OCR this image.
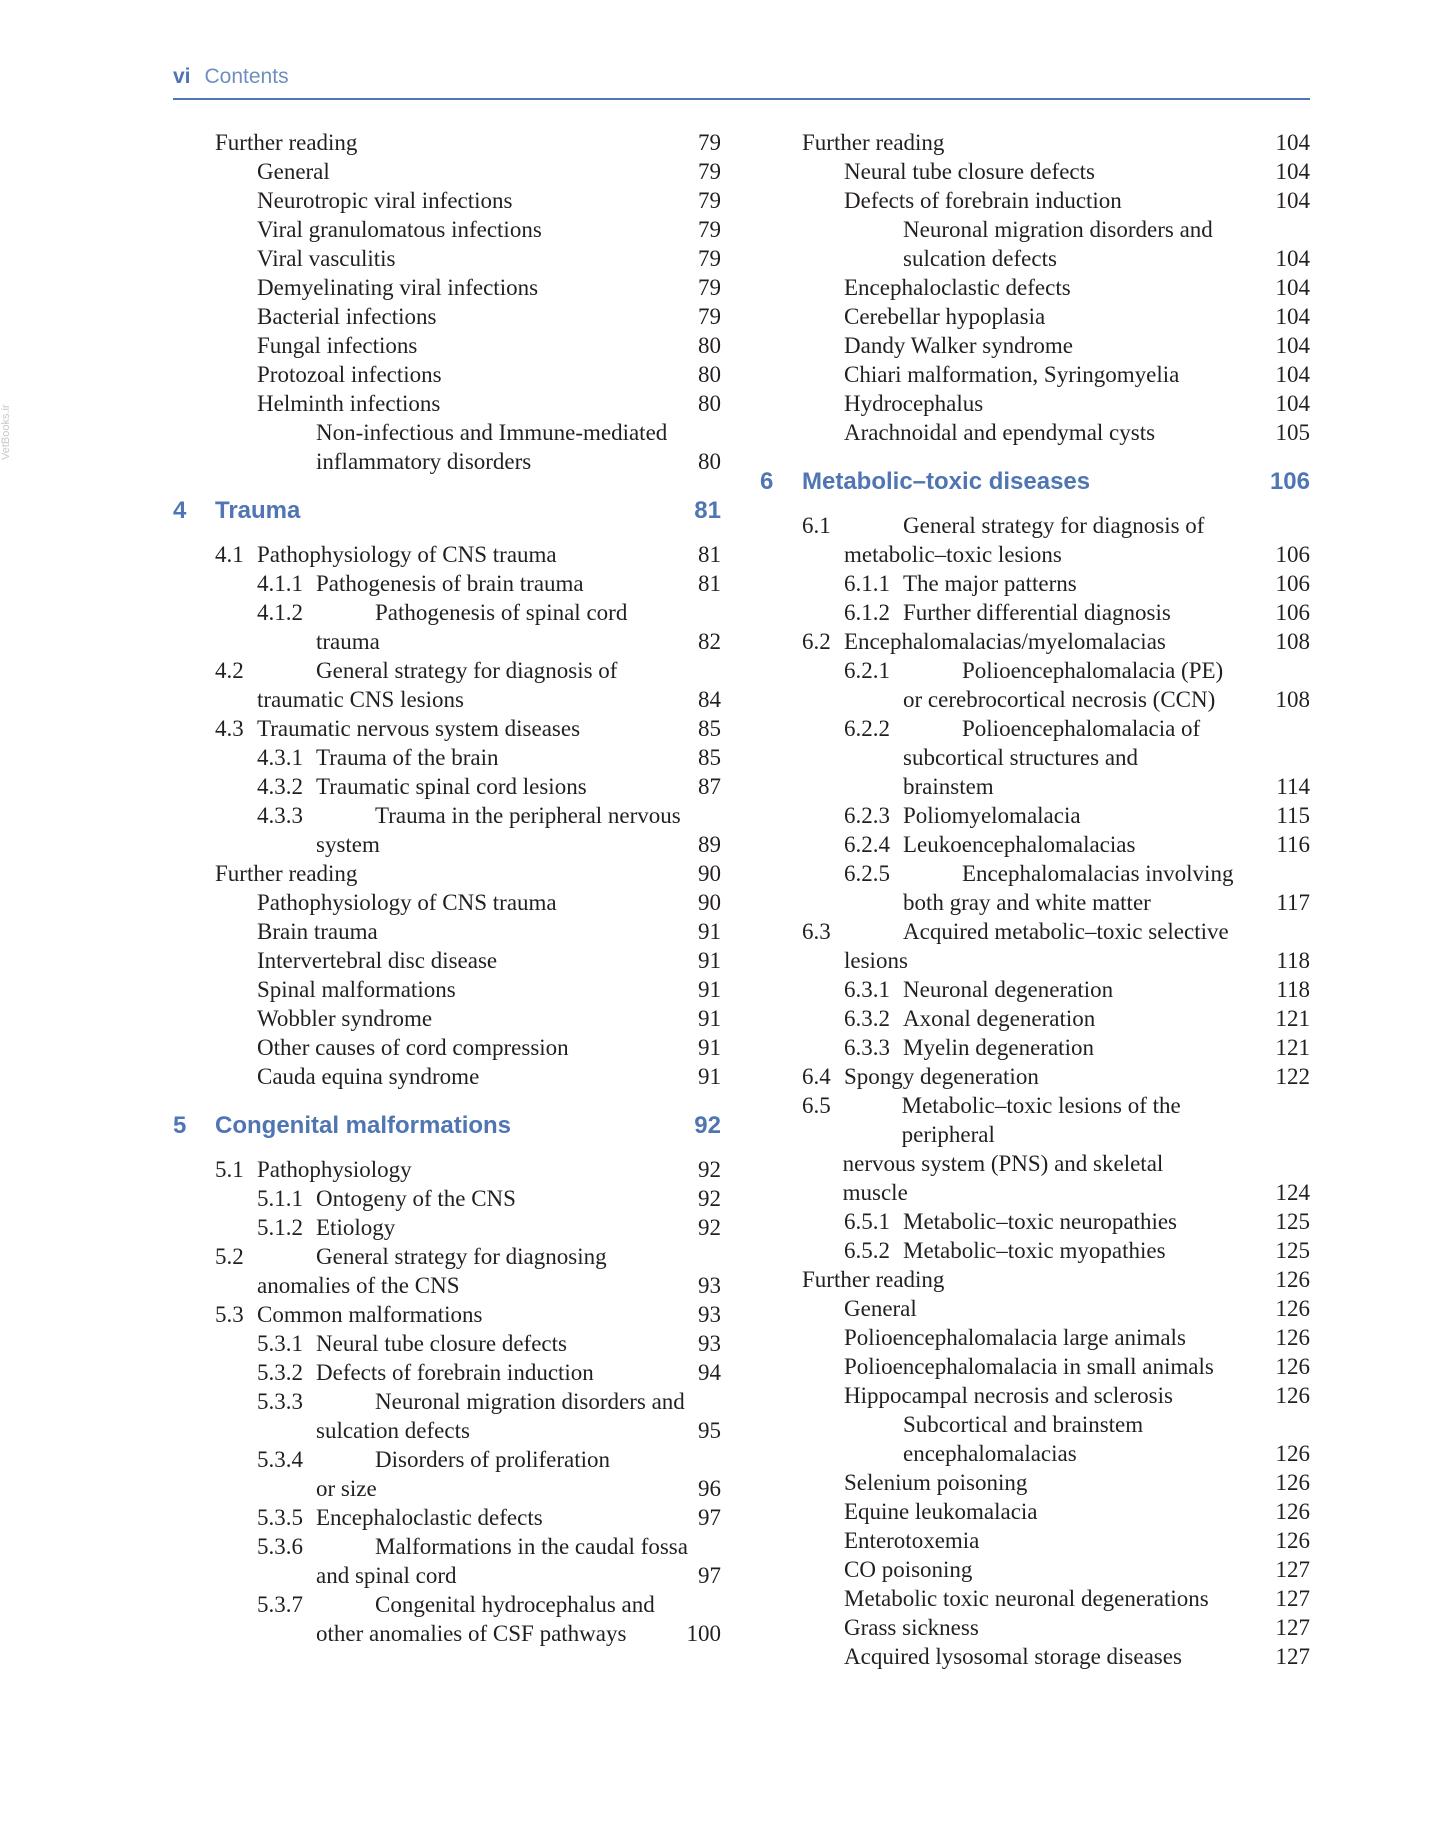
VetBooks.ir
vi Contents
Further reading	79
General	79
Neurotropic viral infections	79
Viral granulomatous infections	79
Viral vasculitis	79
Demyelinating viral infections	79
Bacterial infections	79
Fungal infections	80
Protozoal infections	80
Helminth infections	80
Non-infectious and Immune-mediated
inflammatory disorders	80
4 Trauma	81
4.1 Pathophysiology of CNS trauma	81
4.1.1 Pathogenesis of brain trauma	81
4.1.2	Pathogenesis of spinal cord
trauma	82
4.2	General strategy for diagnosis of
traumatic CNS lesions	84
4.3 Traumatic nervous system diseases	85
4.3.1 Trauma of the brain	85
4.3.2 Traumatic spinal cord lesions	87
4.3.3	Trauma in the peripheral nervous
system	89
Further reading	90
Pathophysiology of CNS trauma	90
Brain trauma	91
Intervertebral disc disease	91
Spinal malformations	91
Wobbler syndrome	91
Other causes of cord compression	91
Cauda equina syndrome	91
5 Congenital malformations	92
5.1 Pathophysiology	92
5.1.1 Ontogeny of the CNS	92
5.1.2 Etiology	92
5.2	General strategy for diagnosing
anomalies of the CNS	93
5.3 Common malformations	93
5.3.1 Neural tube closure defects	93
5.3.2 Defects of forebrain induction	94
5.3.3	Neuronal migration disorders and
sulcation defects	95
5.3.4	Disorders of proliferation
or size	96
5.3.5 Encephaloclastic defects	97
5.3.6	Malformations in the caudal fossa
and spinal cord	97
5.3.7	Congenital hydrocephalus and
other anomalies of CSF pathways	100
Further reading	104
Neural tube closure defects	104
Defects of forebrain induction	104
Neuronal migration disorders and
sulcation defects	104
Encephaloclastic defects	104
Cerebellar hypoplasia	104
Dandy Walker syndrome	104
Chiari malformation, Syringomyelia	104
Hydrocephalus	104
Arachnoidal and ependymal cysts	105
6 Metabolic–toxic diseases	106
6.1	General strategy for diagnosis of
metabolic–toxic lesions	106
6.1.1 The major patterns	106
6.1.2 Further differential diagnosis	106
6.2 Encephalomalacias/myelomalacias	108
6.2.1	Polioencephalomalacia (PE)
or cerebrocortical necrosis (CCN)	108
6.2.2	Polioencephalomalacia of
subcortical structures and
brainstem	114
6.2.3 Poliomyelomalacia	115
6.2.4 Leukoencephalomalacias	116
6.2.5	Encephalomalacias involving
both gray and white matter	117
6.3	Acquired metabolic–toxic selective
lesions	118
6.3.1 Neuronal degeneration	118
6.3.2 Axonal degeneration	121
6.3.3 Myelin degeneration	121
6.4 Spongy degeneration	122
6.5	Metabolic–toxic lesions of the peripheral
nervous system (PNS) and skeletal
muscle	124
6.5.1 Metabolic–toxic neuropathies	125
6.5.2 Metabolic–toxic myopathies	125
Further reading	126
General	126
Polioencephalomalacia large animals	126
Polioencephalomalacia in small animals	126
Hippocampal necrosis and sclerosis	126
Subcortical and brainstem
encephalomalacias	126
Selenium poisoning	126
Equine leukomalacia	126
Enterotoxemia	126
CO poisoning	127
Metabolic toxic neuronal degenerations	127
Grass sickness	127
Acquired lysosomal storage diseases	127
